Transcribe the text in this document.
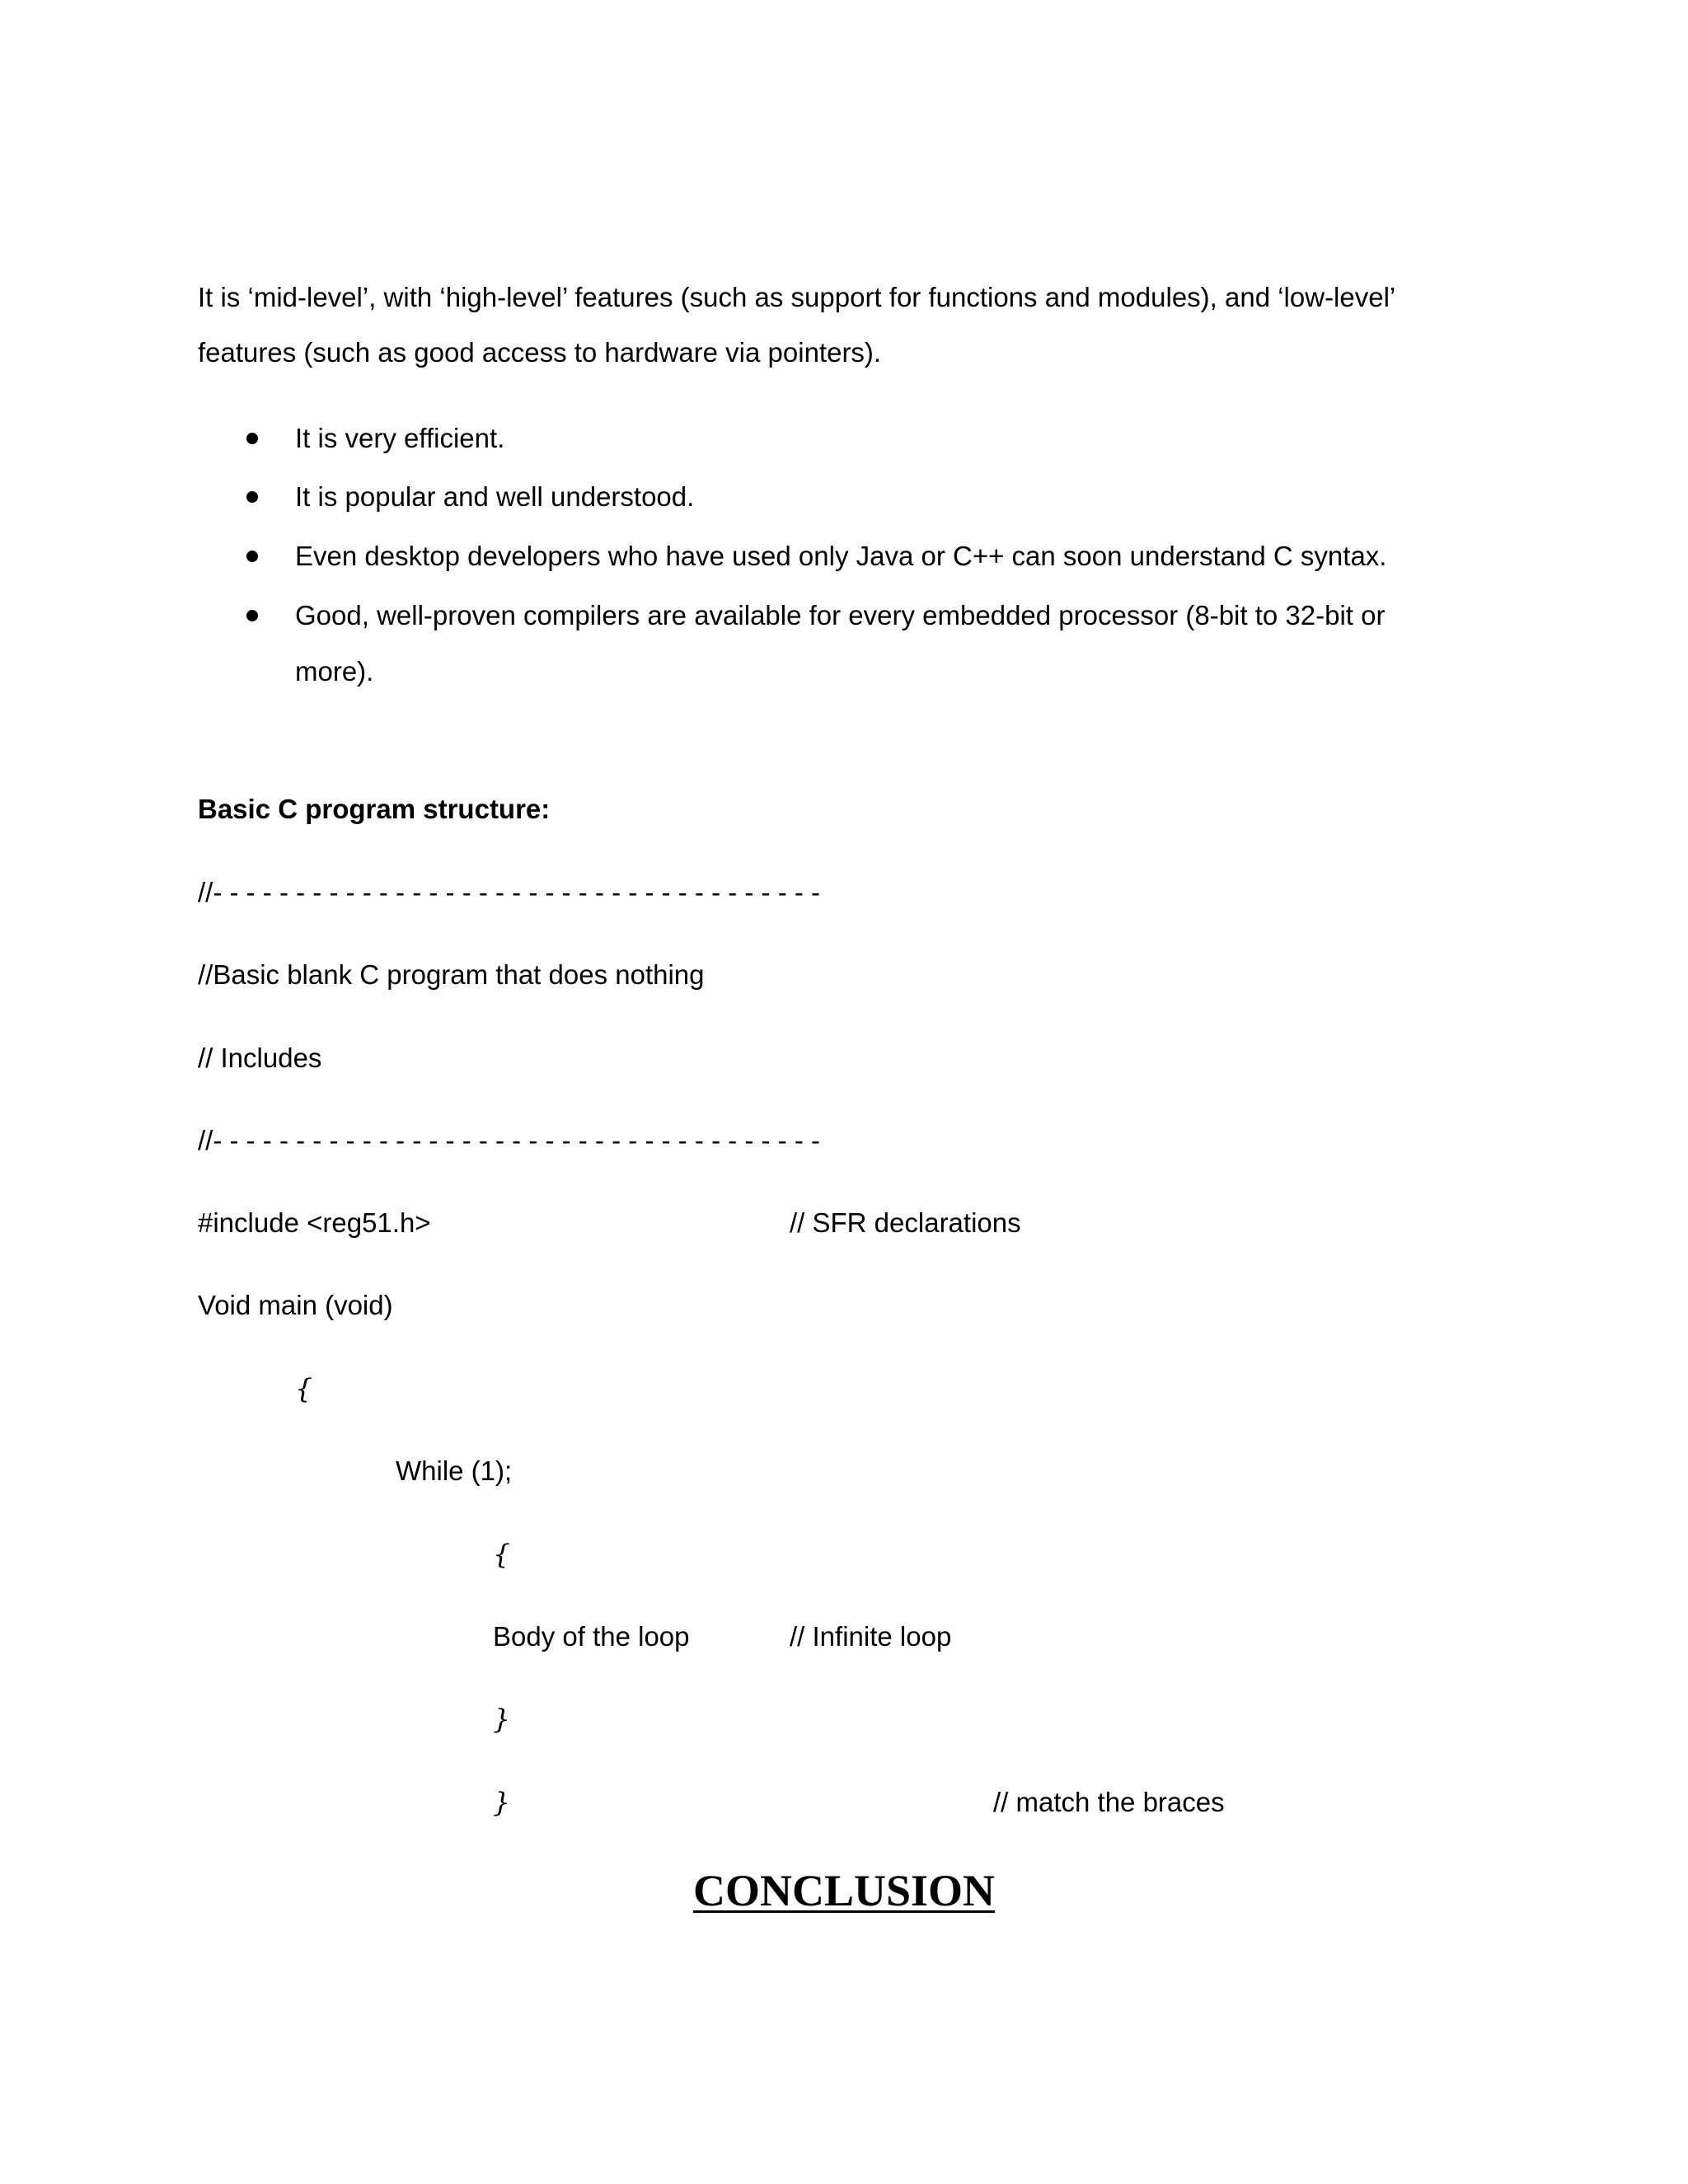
It is ‘mid-level’, with ‘high-level’ features (such as support for functions and modules), and ‘low-level’ features (such as good access to hardware via pointers).
It is very efficient.
It is popular and well understood.
Even desktop developers who have used only Java or C++ can soon understand C syntax.
Good, well-proven compilers are available for every embedded processor (8-bit to 32-bit or
more).
Basic C program structure:
//- - - - - - - - - - - - - - - - - - - - - - - - - - - - - - - - - - - - -
//Basic blank C program that does nothing
// Includes
//- - - - - - - - - - - - - - - - - - - - - - - - - - - - - - - - - - - - -
#include <reg51.h>	// SFR declarations
Void main (void)
{
While (1);
{
Body of the loop	// Infinite loop
}
}	// match the braces
CONCLUSION
